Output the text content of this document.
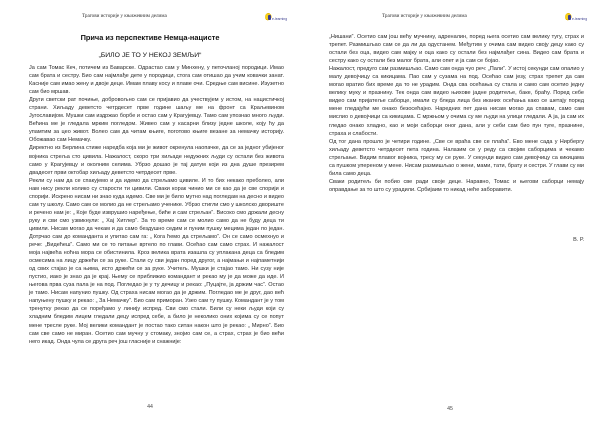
Трагови историје у књижевним делима	e-learning
Прича из перспективе Немца-нацисте
„БИЛО ЈЕ ТО У НЕКОЈ ЗЕМЉИ“

Ја сам Томас Кеч, потичем из Баварске. Одрастао сам у Минхену, у петочланој породици. Имао сам брата и сестру. Био сам најмлађе дете у породици, стога сам отишао да учим ковачки занат. Касније сам имао жену и двоје деце. Имам плаву косу и плаве очи. Средње сам висине. Изузетно сам био мршав.

Други светски рат почиње, добровољно сам се пријавио да учествујем у истом, на нацистичкој страни. Хиљаду деветсто четрдесет прве године шаљу ме на фронт са Краљевином Југославијом. Мушки сам издржао борбе и остао сам у Крагујевцу. Тамо сам упознао много људи. Већина ме је гледала мрким погледом. Живео сам у касарни близу једне школе, коју ћу да упамтим за цео живот. Волео сам да читам књиге, поготово књиге везане за немачку историју. Обожавао сам Немачку.

Директно из Берлина стиже наредба која ми је живот окренула наопачке, да се за једног убијеног војника стреља сто цивила. Нажалост, скоро три хиљаде недужних људи су остали без живота само у Крагујевцу и околним селима. Убрзо дошао је тај датум који из дна душе презирем двадесет први октобар хиљаду деветсто четрдесет прве.

Рекли су нам да се спакујемо и да идемо да стрељамо цивиле. И то бих некако преболео, али нам нису рекли колико су старости ти цивили. Сваки корак чинио ми се као да је све спорији и спорији. Искрено нисам ни знао куда идемо. Све ми је било мутно над погледам на десно и видео сам ту школу. Само сам се молио да не стрељамо ученике. Убрзо стигли смо у школско двориште и речено нам је: „ Које буде изврушио наређење, биће и сам стрељан“. Високо смо држали десну руку и сви смо узвикнули: „ Хај Хитлер“. За то време сам се молио само да не буду деца ти цивили. Нисам могао да чекам и да само бездушно седим и пуним пушку мецима један по један. Дотрчао сам до команданта и упитао сам га: „ Кога ћемо да стрељамо“. Он се само осмехнуо и рече: „Видећеш“. Само ми се то питање вртело по глави. Осећао сам само страх. И нажалост моја највећа ноћна мора се обистинила. Кроз велика врата изашла су уплакана деца са бледим осмесима на лицу држећи се за руке. Стали су сви један поред другог, а најмањи и најпаметнији од свих стајао је са њима, исто држећи се за руке. Учитељ. Мушки је стајао тамо. Ни сузу није пустио, иако је знао да је крај. Њему се приближио командант и рекао му је да може да иде. И његова прва суза пала је на под. Погледао је у ту дечицу и рекао: „Пуцајте, ја држим час“. Остао је тамо. Нисам напунио пушку. Од страха нисам могао да је држим. Погледао ме је друг, дао већ напуњену пушку и рекао: „ За Немачку“. Био сам приморан. Узео сам ту пушку. Командант је у том тренутку рекао да се поређамо у линију испред. Сви смо стали. Били су неки људи који су хладним бледим лицем гледали децу испред себе, а било је неколико оних којима су се попут мене тресле руке. Мој велики командант је постао тако ситан након што је рекао: „ Мирно“. Био сам све само не миран. Осетио сам мучну у стомаку, знојио сам се, а страх, страх је био већи него икад. Онда чула се друга реч још гласније и снажније:

44
Трагови историје у књижевним делима	e-learning

„Нишани“. Осетио сам још већу мучнину, адреналин, поред њега осетио сам велику тугу, страх и трепет. Размишљао сам се да ли да одустанем. Међутим у очима сам видео своју децу како су остали без оца, видео сам мајку и оца како су остали без најмлађег сина. Видео сам брата и сестру како су остали без малог брата, али опет и ја сам се бојао.

Нажалост, предуго сам размишљао. Само сам онда чуо реч: „Пали“. У истој секунди сам опалио у малу девојчицу са кикицама. Пао сам у сузама на под. Осећао сам језу, страх трепет да сам могао вратио бих време да то не урадим. Онда сва осећања су стала и само сам осетио једну велику муку и празнину. Тек онда сам видео њихове јадне родитеље, баке, браћу. Поред себе видео сам пријатеље саборце, имали су бледа лица без иканих осећања како се шетају поред мене гледајући ме онако безосећајно. Наредних пет дана нисам могао да спавам, само сам мислио о девојчици са кикицама. С мржњом у очима су ме људи на улици гледали. А ја, ја сам их гледао онако хладно, као и моји саборци оног дана, али у себи сам био пун туге, празнине, страха и слабости.

Од тог дана прошло је четири године. „Све се враћа све се плаћа“. Ево мене сада у Нирбергу хиљаду деветсто четрдесет пета година. Налазим се у реду са својим саборцима и чекамо стрељање. Видим плавог војника, тресу му се руке. У секунди видео сам девојчицу са кикицама са пушком уперeном у мене. Нисам размишљао о жени, мами, тати, брату и сестри. У глави су ми била само деца.

Сваки родитељ би побио све ради своје деце. Наравно, Томас и његови саборци немају оправдање за то што су урадили. Србијаим то никад неће заборавити.

В. Р.
45
